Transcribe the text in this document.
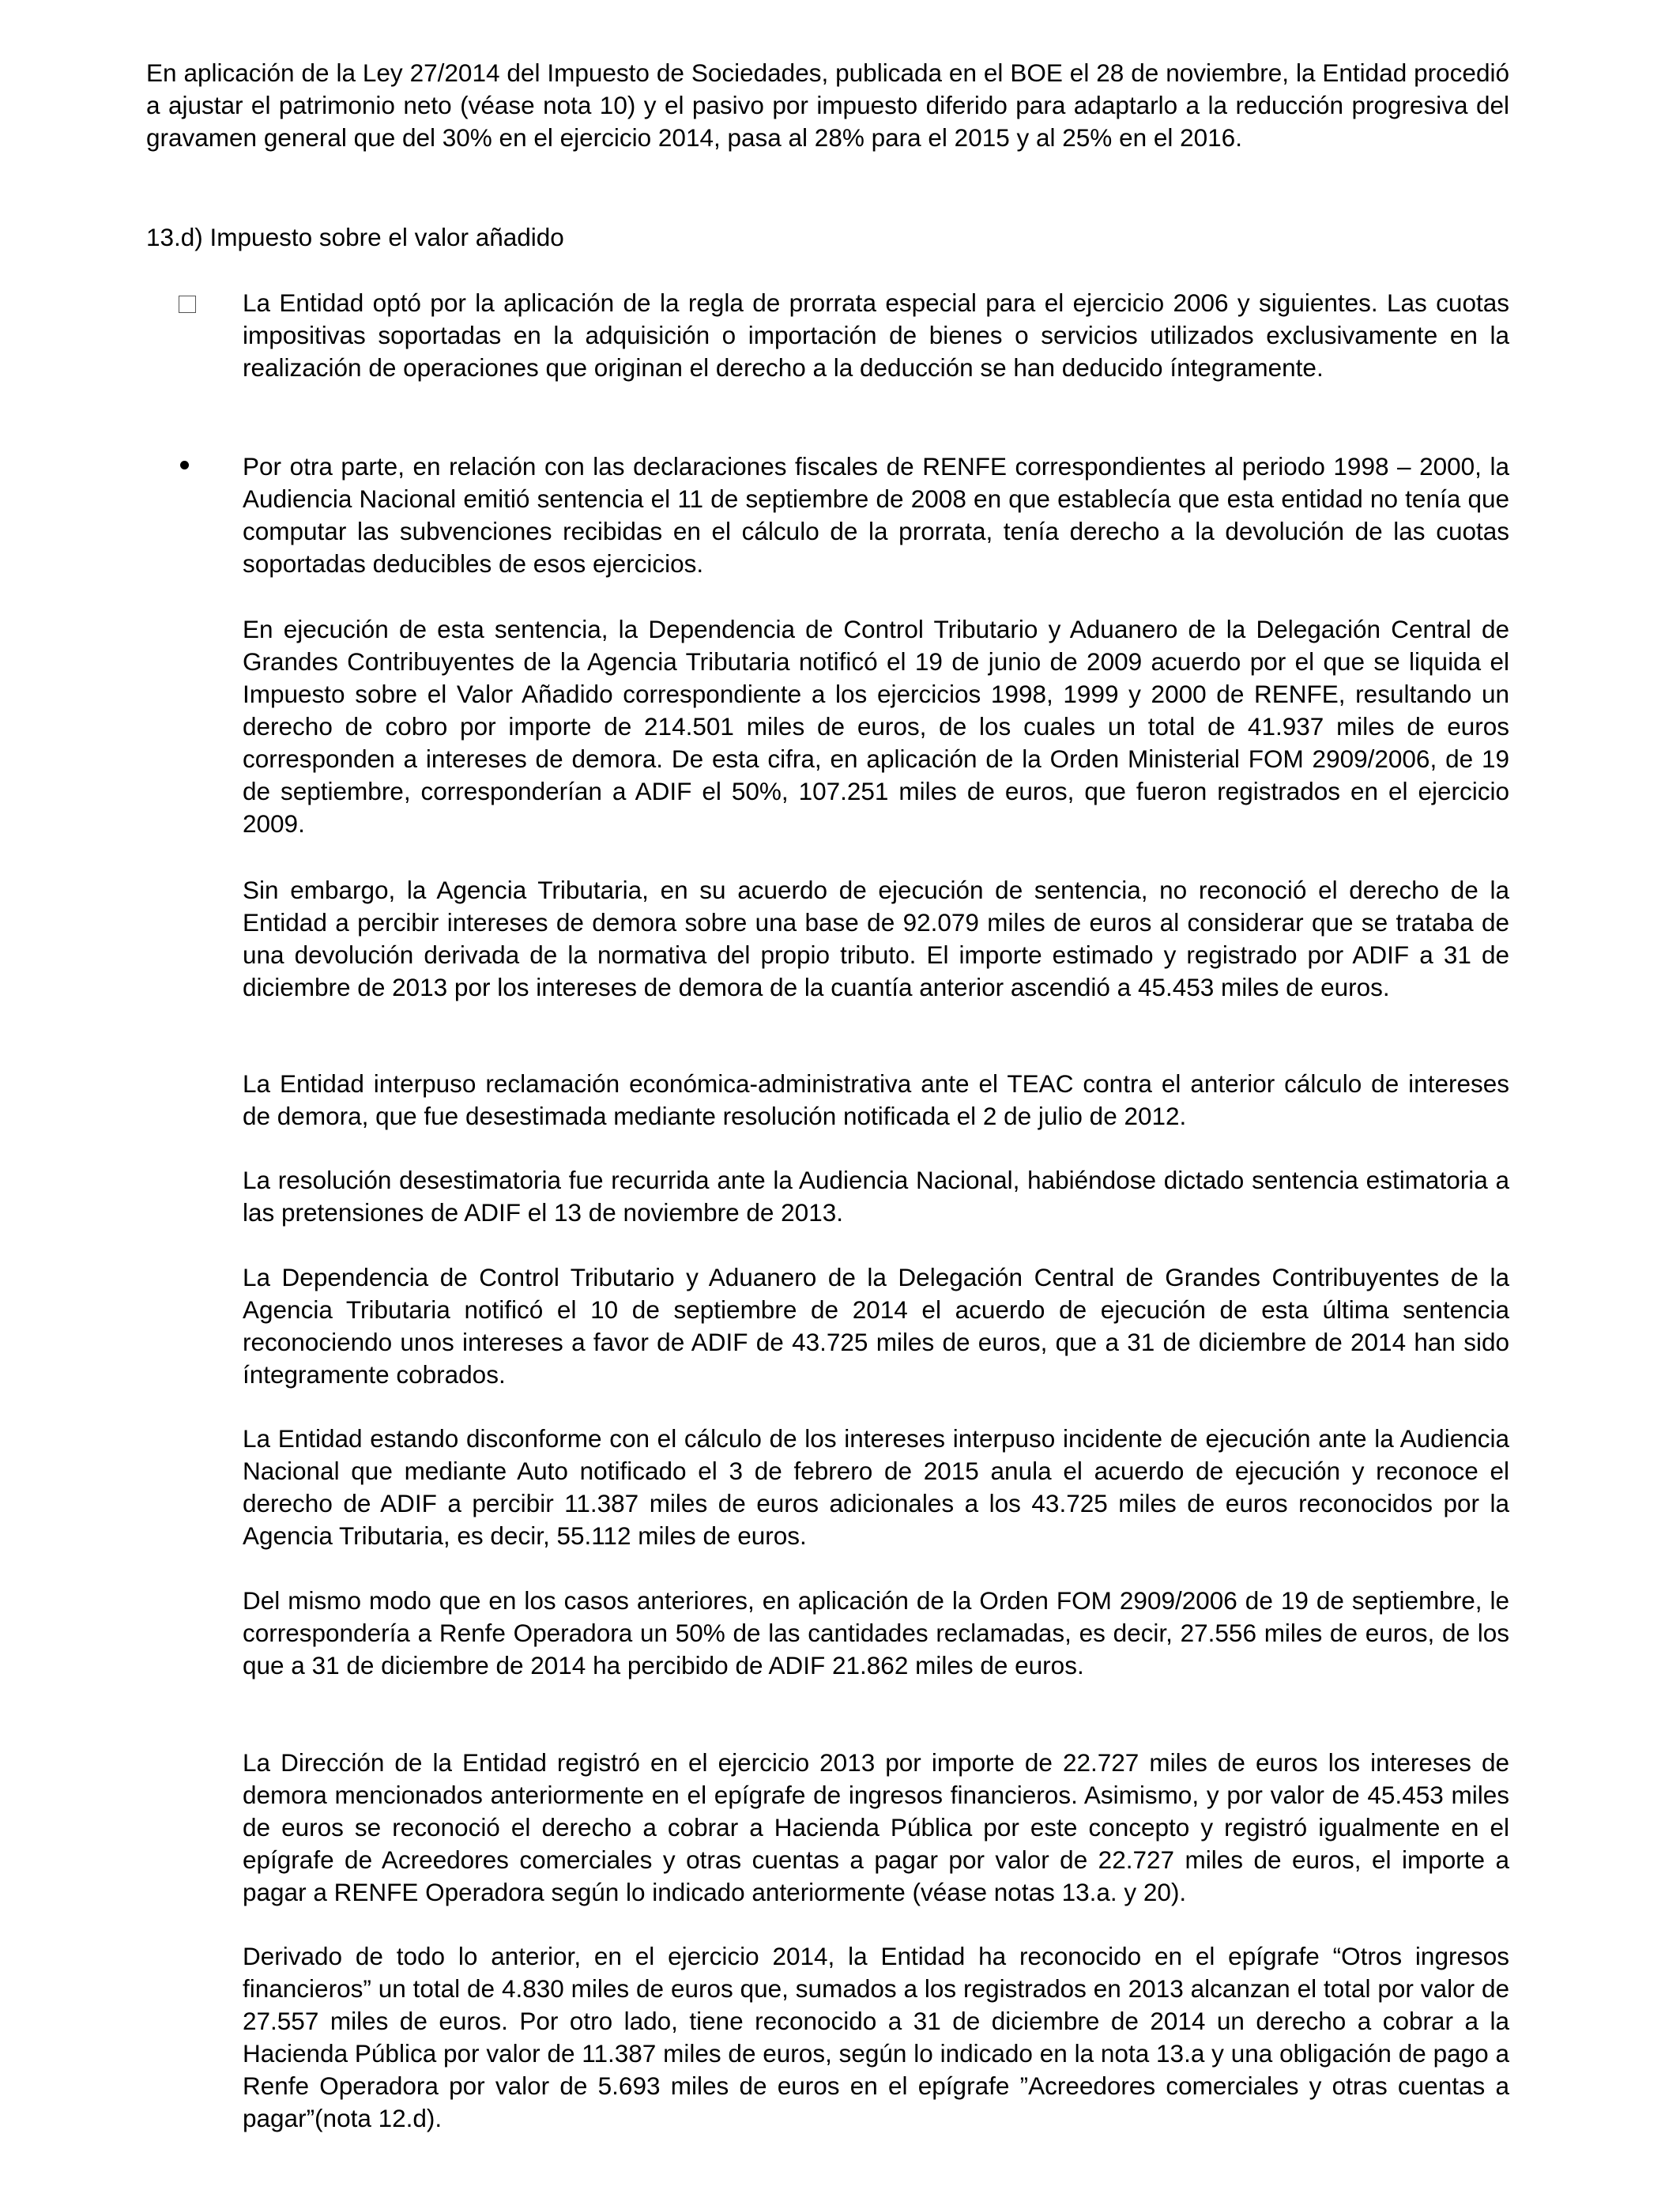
En aplicación de la Ley 27/2014 del Impuesto de Sociedades, publicada en el BOE el 28 de noviembre, la Entidad procedió a ajustar el patrimonio neto (véase nota 10) y el pasivo por impuesto diferido para adaptarlo a la reducción progresiva del gravamen general que del 30% en el ejercicio 2014, pasa al 28% para el 2015 y al 25% en el 2016.

13.d) Impuesto sobre el valor añadido

La Entidad optó por la aplicación de la regla de prorrata especial para el ejercicio 2006 y siguientes. Las cuotas impositivas soportadas en la adquisición o importación de bienes o servicios utilizados exclusivamente en la realización de operaciones que originan el derecho a la deducción se han deducido íntegramente.

Por otra parte, en relación con las declaraciones fiscales de RENFE correspondientes al periodo 1998 – 2000, la Audiencia Nacional emitió sentencia el 11 de septiembre de 2008 en que establecía que esta entidad no tenía que computar las subvenciones recibidas en el cálculo de la prorrata, tenía derecho a la devolución de las cuotas soportadas deducibles de esos ejercicios.

En ejecución de esta sentencia, la Dependencia de Control Tributario y Aduanero de la Delegación Central de Grandes Contribuyentes de la Agencia Tributaria notificó el 19 de junio de 2009 acuerdo por el que se liquida el Impuesto sobre el Valor Añadido correspondiente a los ejercicios 1998, 1999 y 2000 de RENFE, resultando un derecho de cobro por importe de 214.501 miles de euros, de los cuales un total de 41.937 miles de euros corresponden a intereses de demora. De esta cifra, en aplicación de la Orden Ministerial FOM 2909/2006, de 19 de septiembre, corresponderían a ADIF el 50%, 107.251 miles de euros, que fueron registrados en el ejercicio 2009.

Sin embargo, la Agencia Tributaria, en su acuerdo de ejecución de sentencia, no reconoció el derecho de la Entidad a percibir intereses de demora sobre una base de 92.079 miles de euros al considerar que se trataba de una devolución derivada de la normativa del propio tributo. El importe estimado y registrado por ADIF a 31 de diciembre de 2013 por los intereses de demora de la cuantía anterior ascendió a 45.453 miles de euros.

La Entidad interpuso reclamación económica-administrativa ante el TEAC contra el anterior cálculo de intereses de demora, que fue desestimada mediante resolución notificada el 2 de julio de 2012.

La resolución desestimatoria fue recurrida ante la Audiencia Nacional, habiéndose dictado sentencia estimatoria a las pretensiones de ADIF el 13 de noviembre de 2013.

La Dependencia de Control Tributario y Aduanero de la Delegación Central de Grandes Contribuyentes de la Agencia Tributaria notificó el 10 de septiembre de 2014 el acuerdo de ejecución de esta última sentencia reconociendo unos intereses a favor de ADIF de 43.725 miles de euros, que a 31 de diciembre de 2014 han sido íntegramente cobrados.

La Entidad estando disconforme con el cálculo de los intereses interpuso incidente de ejecución ante la Audiencia Nacional que mediante Auto notificado el 3 de febrero de 2015 anula el acuerdo de ejecución y reconoce el derecho de ADIF a percibir 11.387 miles de euros adicionales a los 43.725 miles de euros reconocidos por la Agencia Tributaria, es decir, 55.112 miles de euros.

Del mismo modo que en los casos anteriores, en aplicación de la Orden FOM 2909/2006 de 19 de septiembre, le correspondería a Renfe Operadora un 50% de las cantidades reclamadas, es decir, 27.556 miles de euros, de los que a 31 de diciembre de 2014 ha percibido de ADIF 21.862 miles de euros.

La Dirección de la Entidad registró en el ejercicio 2013 por importe de 22.727 miles de euros los intereses de demora mencionados anteriormente en el epígrafe de ingresos financieros. Asimismo, y por valor de 45.453 miles de euros se reconoció el derecho a cobrar a Hacienda Pública por este concepto y registró igualmente en el epígrafe de Acreedores comerciales y otras cuentas a pagar por valor de 22.727 miles de euros, el importe a pagar a RENFE Operadora según lo indicado anteriormente (véase notas 13.a. y 20).

Derivado de todo lo anterior, en el ejercicio 2014, la Entidad ha reconocido en el epígrafe “Otros ingresos financieros” un total de 4.830 miles de euros que, sumados a los registrados en 2013 alcanzan el total por valor de 27.557 miles de euros. Por otro lado, tiene reconocido a 31 de diciembre de 2014 un derecho a cobrar a la Hacienda Pública por valor de 11.387 miles de euros, según lo indicado en la nota 13.a y una obligación de pago a Renfe Operadora por valor de 5.693 miles de euros en el epígrafe ”Acreedores comerciales y otras cuentas a pagar”(nota 12.d).
